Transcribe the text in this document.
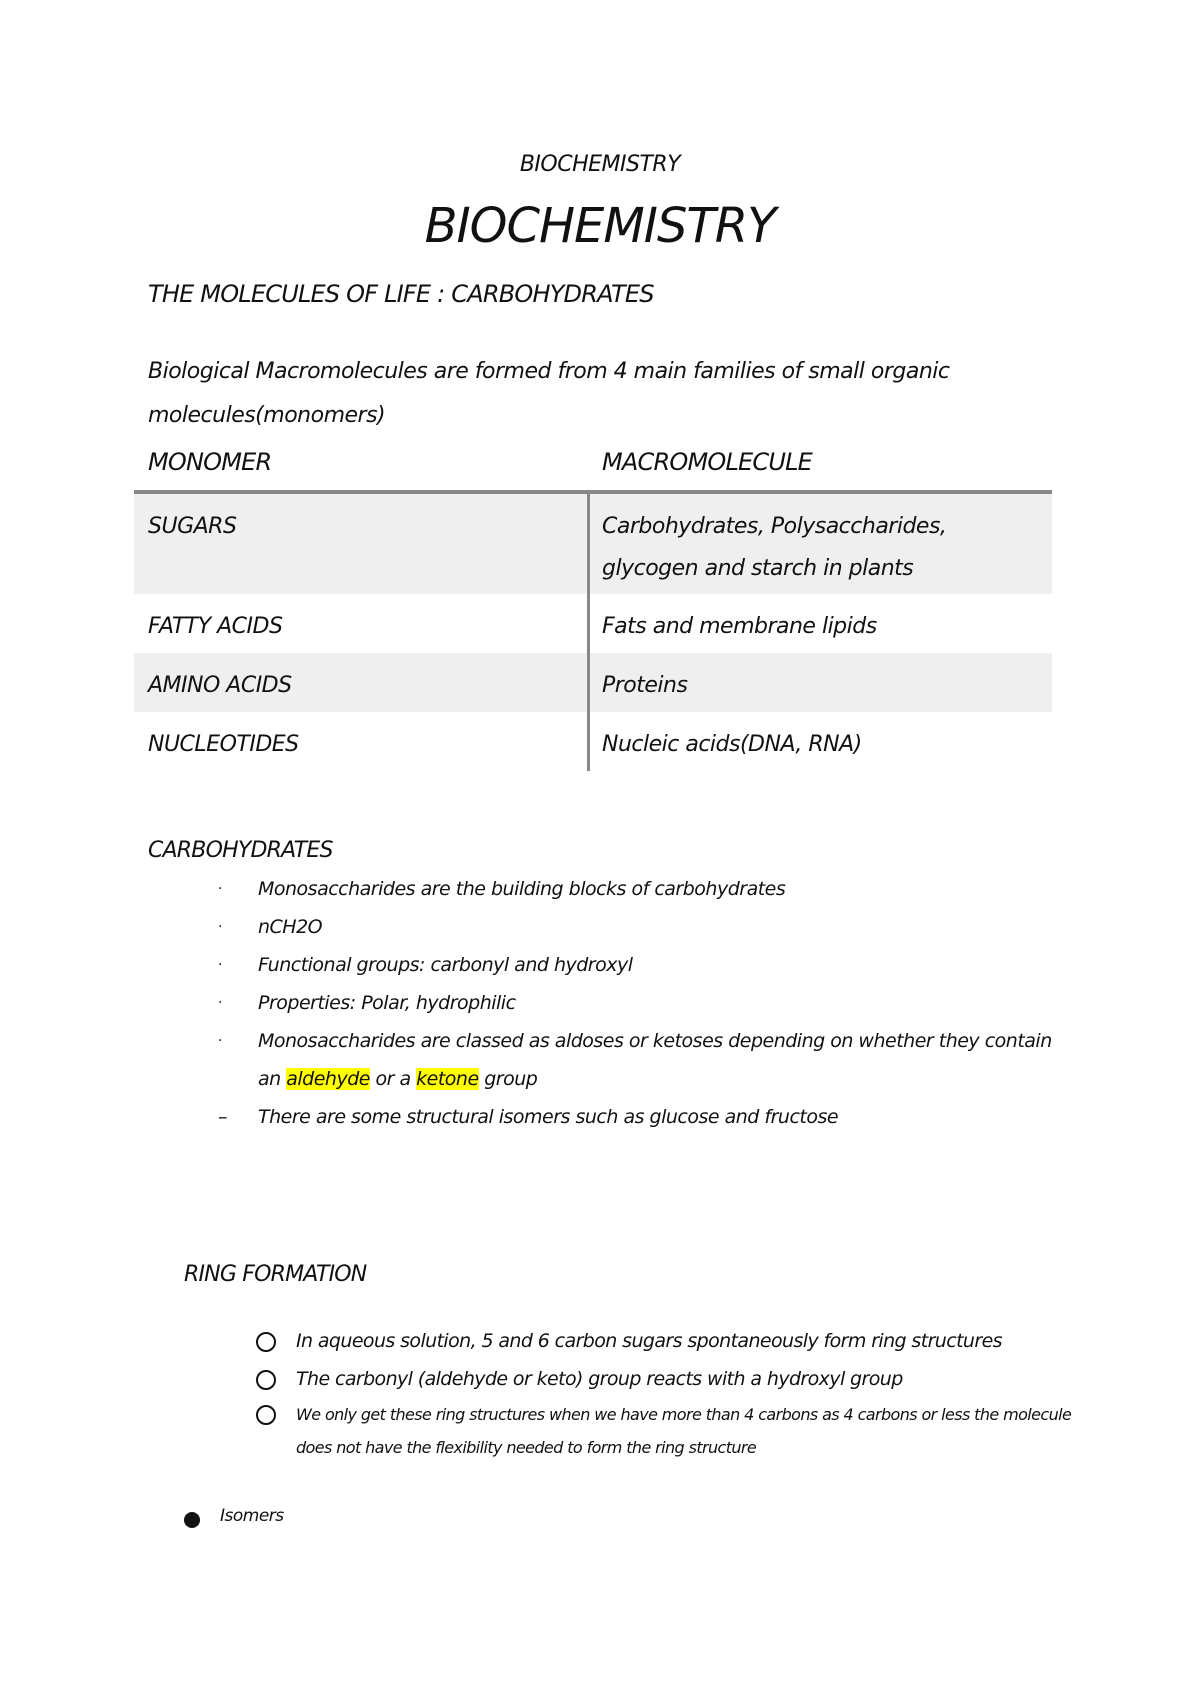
BIOCHEMISTRY
BIOCHEMISTRY
THE MOLECULES OF LIFE : CARBOHYDRATES
Biological Macromolecules are formed from 4 main families of small organic molecules(monomers)
MONOMER	MACROMOLECULE
SUGARS	Carbohydrates, Polysaccharides, glycogen and starch in plants
FATTY ACIDS	Fats and membrane lipids
AMINO ACIDS	Proteins
NUCLEOTIDES	Nucleic acids(DNA, RNA)
CARBOHYDRATES
· Monosaccharides are the building blocks of carbohydrates
· nCH2O
· Functional groups: carbonyl and hydroxyl
· Properties: Polar, hydrophilic
· Monosaccharides are classed as aldoses or ketoses depending on whether they contain an aldehyde or a ketone group
– There are some structural isomers such as glucose and fructose
RING FORMATION
In aqueous solution, 5 and 6 carbon sugars spontaneously form ring structures
The carbonyl (aldehyde or keto) group reacts with a hydroxyl group
We only get these ring structures when we have more than 4 carbons as 4 carbons or less the molecule does not have the flexibility needed to form the ring structure
Isomers
